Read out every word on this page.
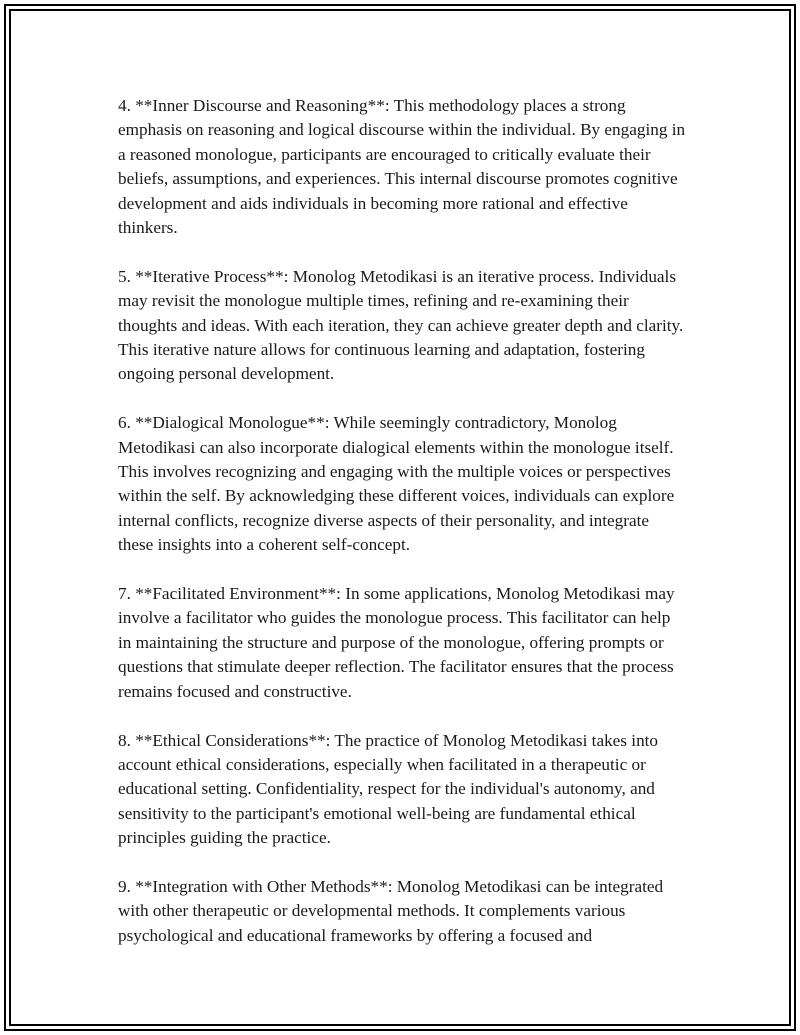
4. **Inner Discourse and Reasoning**: This methodology places a strong emphasis on reasoning and logical discourse within the individual. By engaging in a reasoned monologue, participants are encouraged to critically evaluate their beliefs, assumptions, and experiences. This internal discourse promotes cognitive development and aids individuals in becoming more rational and effective thinkers.

5. **Iterative Process**: Monolog Metodikasi is an iterative process. Individuals may revisit the monologue multiple times, refining and re-examining their thoughts and ideas. With each iteration, they can achieve greater depth and clarity. This iterative nature allows for continuous learning and adaptation, fostering ongoing personal development.

6. **Dialogical Monologue**: While seemingly contradictory, Monolog Metodikasi can also incorporate dialogical elements within the monologue itself. This involves recognizing and engaging with the multiple voices or perspectives within the self. By acknowledging these different voices, individuals can explore internal conflicts, recognize diverse aspects of their personality, and integrate these insights into a coherent self-concept.

7. **Facilitated Environment**: In some applications, Monolog Metodikasi may involve a facilitator who guides the monologue process. This facilitator can help in maintaining the structure and purpose of the monologue, offering prompts or questions that stimulate deeper reflection. The facilitator ensures that the process remains focused and constructive.

8. **Ethical Considerations**: The practice of Monolog Metodikasi takes into account ethical considerations, especially when facilitated in a therapeutic or educational setting. Confidentiality, respect for the individual's autonomy, and sensitivity to the participant's emotional well-being are fundamental ethical principles guiding the practice.

9. **Integration with Other Methods**: Monolog Metodikasi can be integrated with other therapeutic or developmental methods. It complements various psychological and educational frameworks by offering a focused and
